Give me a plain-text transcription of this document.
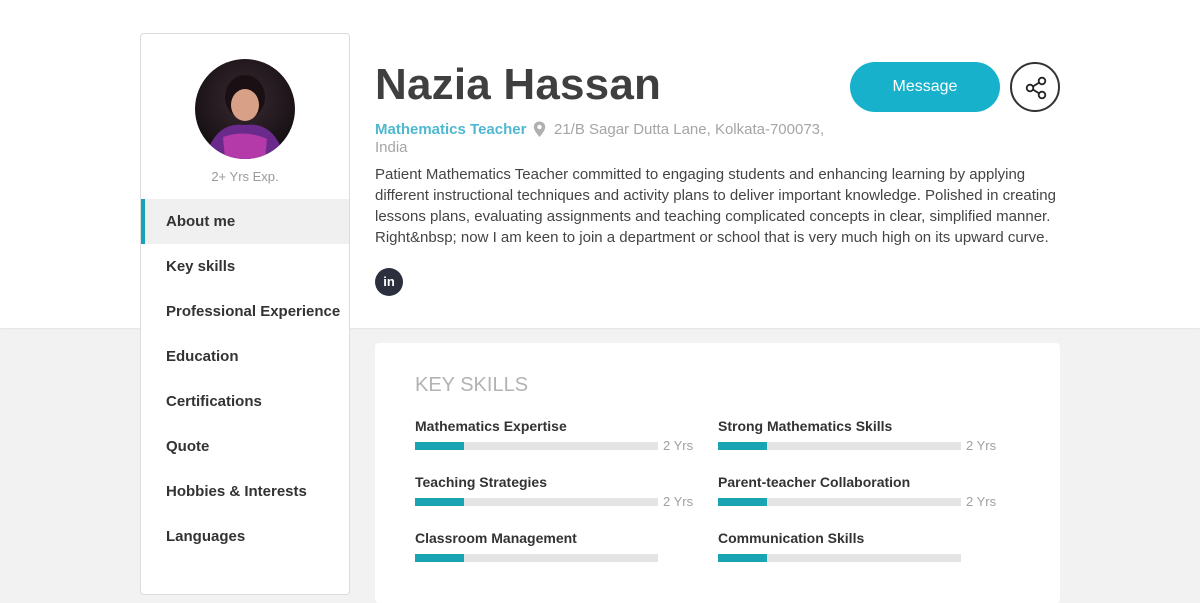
2+ Yrs Exp.
About me
Key skills
Professional Experience
Education
Certifications
Quote
Hobbies & Interests
Languages
Nazia Hassan
21/B Sagar Dutta Lane, Kolkata-700073, India
Mathematics Teacher
Patient Mathematics Teacher committed to engaging students and enhancing learning by applying different instructional techniques and activity plans to deliver important knowledge. Polished in creating lessons plans, evaluating assignments and teaching complicated concepts in clear, simplified manner. Right&nbsp; now I am keen to join a department or school that is very much high on its upward curve.
in
Message
KEY SKILLS
Mathematics Expertise
2 Yrs
Strong Mathematics Skills
2 Yrs
Teaching Strategies
2 Yrs
Parent-teacher Collaboration
2 Yrs
Classroom Management	Communication Skills
